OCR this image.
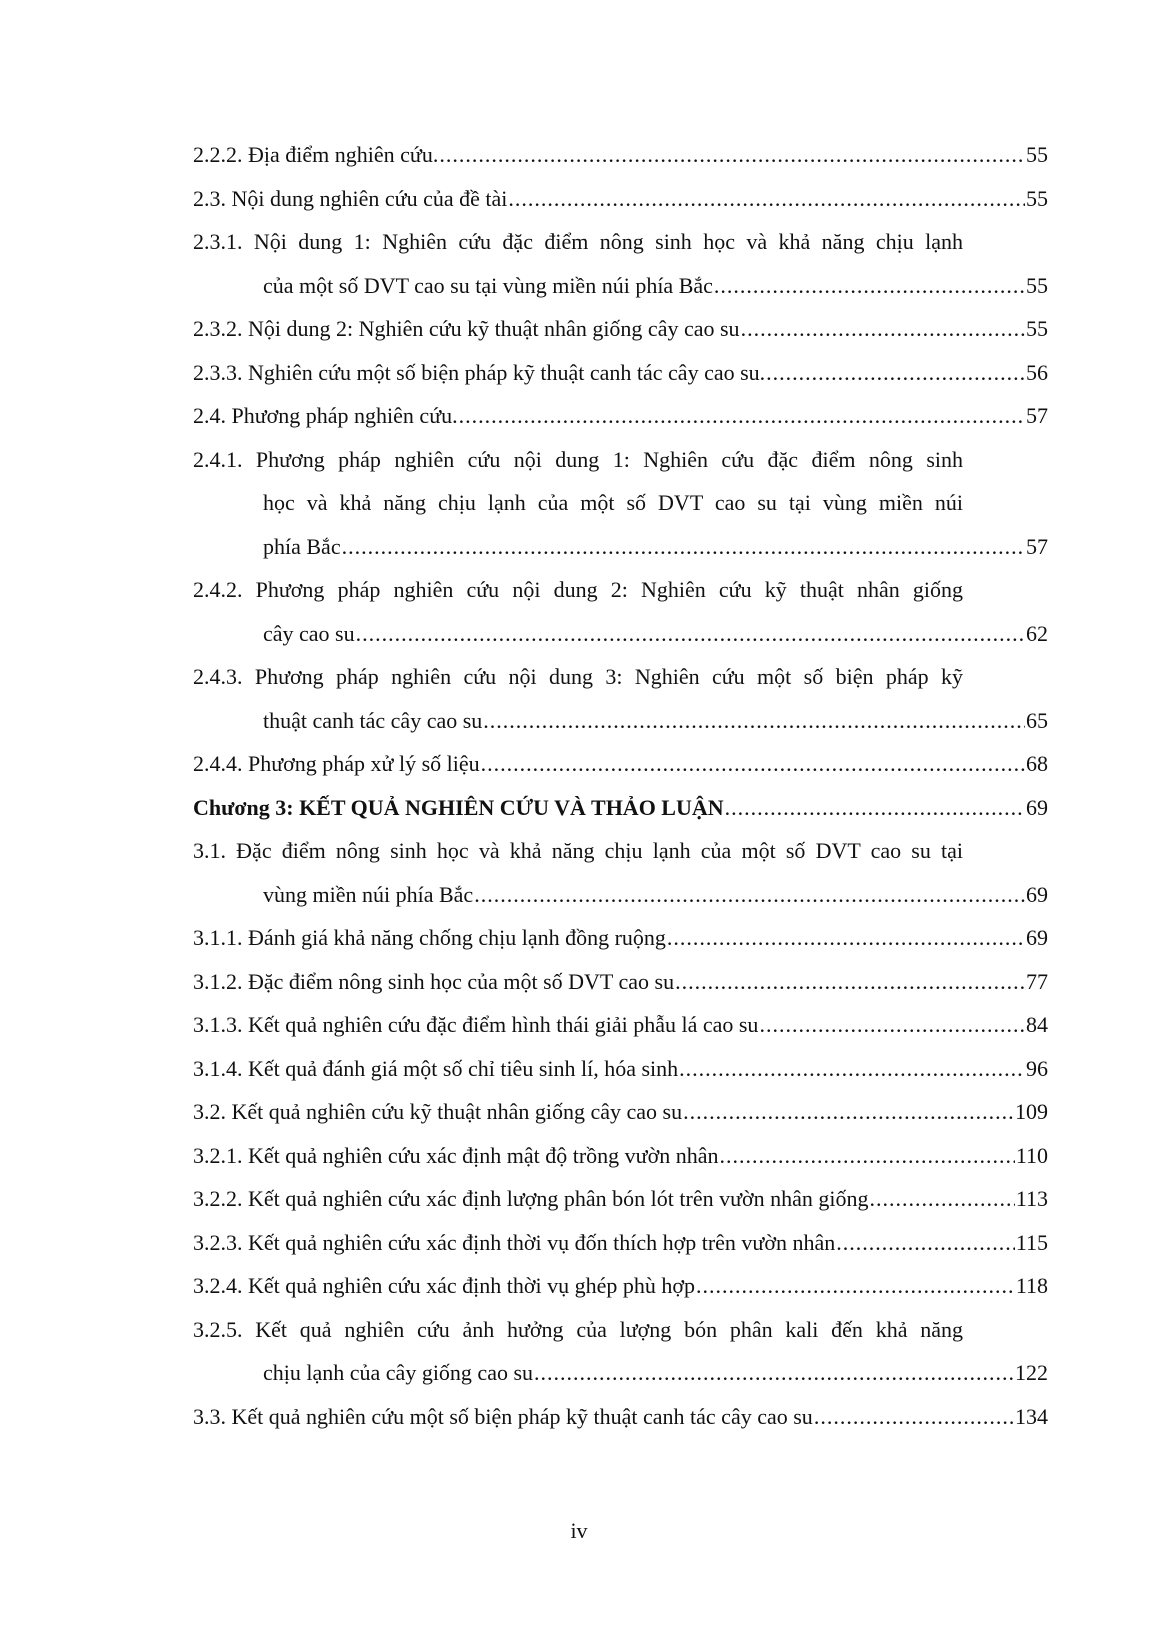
2.2.2. Địa điểm nghiên cứu. .....	55
2.3. Nội dung nghiên cứu của đề tài .....	55
2.3.1. Nội dung 1: Nghiên cứu đặc điểm nông sinh học và khả năng chịu lạnh
của một số DVT cao su tại vùng miền núi phía Bắc .....	55
2.3.2. Nội dung 2: Nghiên cứu kỹ thuật nhân giống cây cao su .....	55
2.3.3. Nghiên cứu một số biện pháp kỹ thuật canh tác cây cao su. .....	56
2.4. Phương pháp nghiên cứu. .....	57
2.4.1. Phương pháp nghiên cứu nội dung 1: Nghiên cứu đặc điểm nông sinh
học và khả năng chịu lạnh của một số DVT cao su tại vùng miền núi
phía Bắc .....	57
2.4.2. Phương pháp nghiên cứu nội dung 2: Nghiên cứu kỹ thuật nhân giống
cây cao su .....	62
2.4.3. Phương pháp nghiên cứu nội dung 3: Nghiên cứu một số biện pháp kỹ
thuật canh tác cây cao su .....	65
2.4.4. Phương pháp xử lý số liệu .....	68
Chương 3: KẾT QUẢ NGHIÊN CỨU VÀ THẢO LUẬN .....	69
3.1. Đặc điểm nông sinh học và khả năng chịu lạnh của một số DVT cao su tại
vùng miền núi phía Bắc .....	69
3.1.1. Đánh giá khả năng chống chịu lạnh đồng ruộng .....	69
3.1.2. Đặc điểm nông sinh học của một số DVT cao su .....	77
3.1.3. Kết quả nghiên cứu đặc điểm hình thái giải phẫu lá cao su .....	84
3.1.4. Kết quả đánh giá một số chỉ tiêu sinh lí, hóa sinh .....	96
3.2. Kết quả nghiên cứu kỹ thuật nhân giống cây cao su .....	109
3.2.1. Kết quả nghiên cứu xác định mật độ trồng vườn nhân .....	110
3.2.2. Kết quả nghiên cứu xác định lượng phân bón lót trên vườn nhân giống .....	113
3.2.3. Kết quả nghiên cứu xác định thời vụ đốn thích hợp trên vườn nhân .....	115
3.2.4. Kết quả nghiên cứu xác định thời vụ ghép phù hợp .....	118
3.2.5. Kết quả nghiên cứu ảnh hưởng của lượng bón phân kali đến khả năng
chịu lạnh của cây giống cao su .....	122
3.3. Kết quả nghiên cứu một số biện pháp kỹ thuật canh tác cây cao su .....	134
iv
